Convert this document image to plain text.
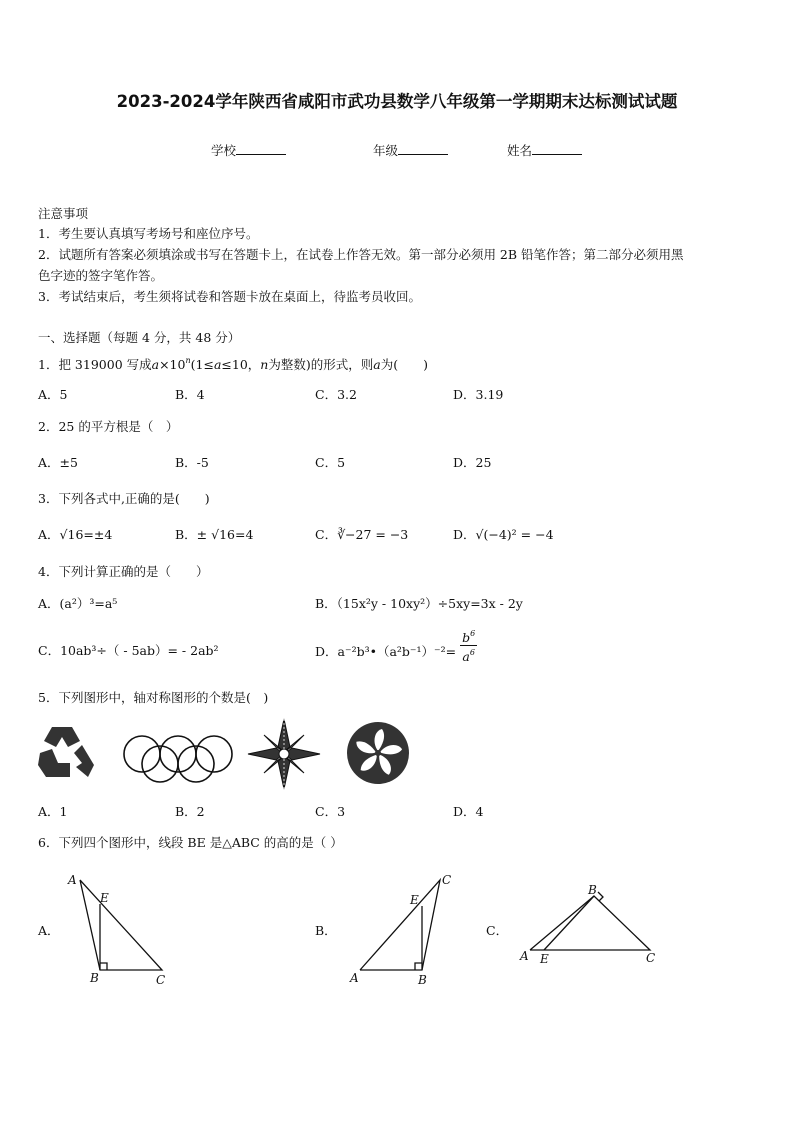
2023-2024学年陕西省咸阳市武功县数学八年级第一学期期末达标测试试题
学校	年级	姓名
注意事项
1．考生要认真填写考场号和座位序号。
2．试题所有答案必须填涂或书写在答题卡上，在试卷上作答无效。第一部分必须用 2B 铅笔作答；第二部分必须用黑
色字迹的签字笔作答。
3．考试结束后，考生须将试卷和答题卡放在桌面上，待监考员收回。
一、选择题（每题 4 分，共 48 分）
1．把 319000 写成$a\times 10^n(1\le a\le 10$，n为整数)的形式，则a为(　　)
A．5	B．4	C．3.2	D．3.19
2．25 的平方根是（　）
A．±5	B．-5	C．5	D．25
3．下列各式中,正确的是(　　)
A．√16=±4	B．± √16=4	C．∛−27 = −3	D．√(−4)² = −4
4．下列计算正确的是（　　）
A．(a²）³=a⁵	B．（15x²y - 10xy²）÷5xy=3x - 2y
C．10ab³÷（ - 5ab）= - 2ab²	D．a⁻²b³•（a²b⁻¹）⁻²= $\frac{b^6}{a^6}$
5．下列图形中，轴对称图形的个数是(　)
A．1	B．2	C．3	D．4
6．下列四个图形中，线段 BE 是△ABC 的高的是（ ）
A．
A
E
B	C
B．
A
E
B
C
C．
A E
B
C
